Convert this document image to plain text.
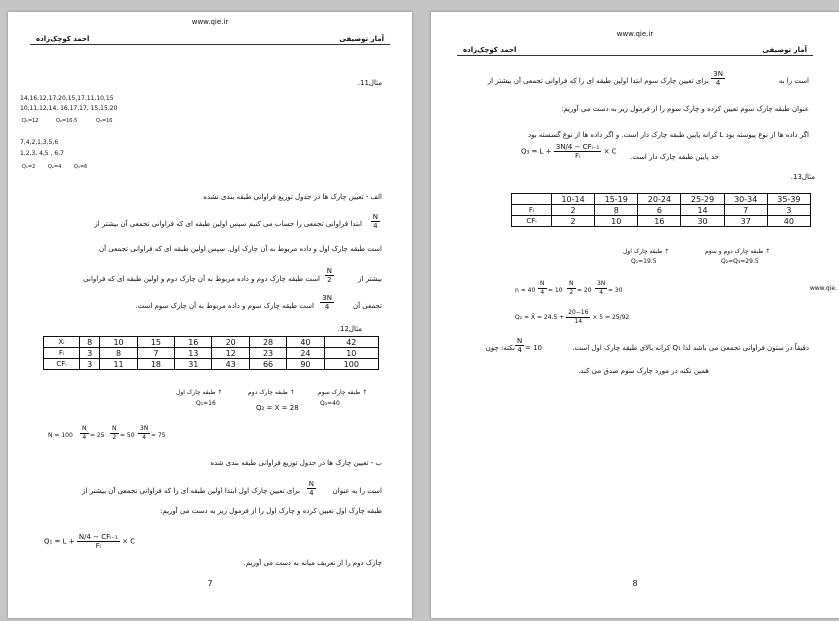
www.qie.ir
احمد کوچک‌زاده	آمار توصیفی
مثال11.
14,16,12,17,20,15,17,11,10,15
10,11,12,14, 16,17,17, 15,15,20
Q₁=12	Q₂=16·5	Q₃=16
7,4,2,1,3,5,6
1,2,3, 4,5 , 6,7
Q₁=2	Q₂=4	Q₃=6
الف - تعیین چارک ها در جدول توزیع فراوانی طبقه بندی نشده
ابتدا فراوانی تجمعی را حساب می کنیم سپس اولین طبقه ای که فراوانی تجمعی آن بیشتر از $\frac{N}{4}$
است طبقه چارک اول و داده مربوط به آن چارک اول. سپس اولین طبقه ای که فراوانی تجمعی آن
بیشتر از
$\frac{N}{2}$
است طبقه چارک دوم و داده مربوط به آن چارک دوم و اولین طبقه ای که فراوانی
تجمعی آن
$\frac{3N}{4}$
است طبقه چارک سوم و داده مربوط به آن چارک سوم است.
مثال12.
Xᵢ	8	10	15	16	20	28	40	42
Fᵢ	3	8	7	13	12	23	24	10
CFᵢ	3	11	18	31	43	66	90	100
طبقه چارک اول ↑	طبقه چارک دوم ↑	طبقه چارک سوم ↑
Q₁=16
Q₂ = X = 28
Q₃=40
$N = 100 \frac{N}{4} = 25 \frac{N}{2} = 50 \frac{3N}{4} = 75$
ب - تعیین چارک ها در جدول توزیع فراوانی طبقه بندی شده
برای تعیین چارک اول ابتدا اولین طبقه ای را که فراوانی تجمعی آن بیشتر از $\frac{N}{4}$ است را به عنوان
طبقه چارک اول تعیین کرده و چارک اول را از فرمول زیر به دست می آوریم:
$Q_1 = L + \frac{\text{N/4 − CFᵢ₋₁}}{\text{Fᵢ}} \times C$
چارک دوم را از تعریف میانه به دست می آوریم.
7
www.qie.ir
احمد کوچک‌زاده	آمار توصیفی
برای تعیین چارک سوم ابتدا اولین طبقه ای را که فراوانی تجمعی آن بیشتر از $\frac{3N}{4}$	است را به
عنوان طبقه چارک سوم تعیین کرده و چارک سوم را از فرمول زیر به دست می آوریم:
اگر داده ها از نوع پیوسته بود L کرانه پایین طبقه چارک دار است. و اگر داده ها از نوع گسسته بود
$Q_3 = L + \frac{\text{3N/4 − CFᵢ₋₁}}{\text{Fᵢ}} \times C$
حد پایین طبقه چارک دار است.
مثال13.
	10-14	15-19	20-24	25-29	30-34	35-39
Fᵢ	2	8	6	14	7	3
CFᵢ	2	10	16	30	37	40
طبقه چارک اول ↑	طبقه چارک دوم و سوم ↑
Q₁=19.5	Q₂=Q₃=29.5
$n = 40 \frac{N}{4} = 10 \frac{N}{2} = 20 \frac{3N}{4} = 30$
Q₂ = X̄ = $24.5 + \frac{20-16}{14} \times 5 = 25/92$
دقیقاً در ستون فراوانی تجمعی می باشد لذا Q₁ کرانه بالای طبقه چارک اول است.
= 10
$\frac{N}{4}$
نکته: چون
همین نکته در مورد چارک سوم صدق می کند.
8
www.qie.
